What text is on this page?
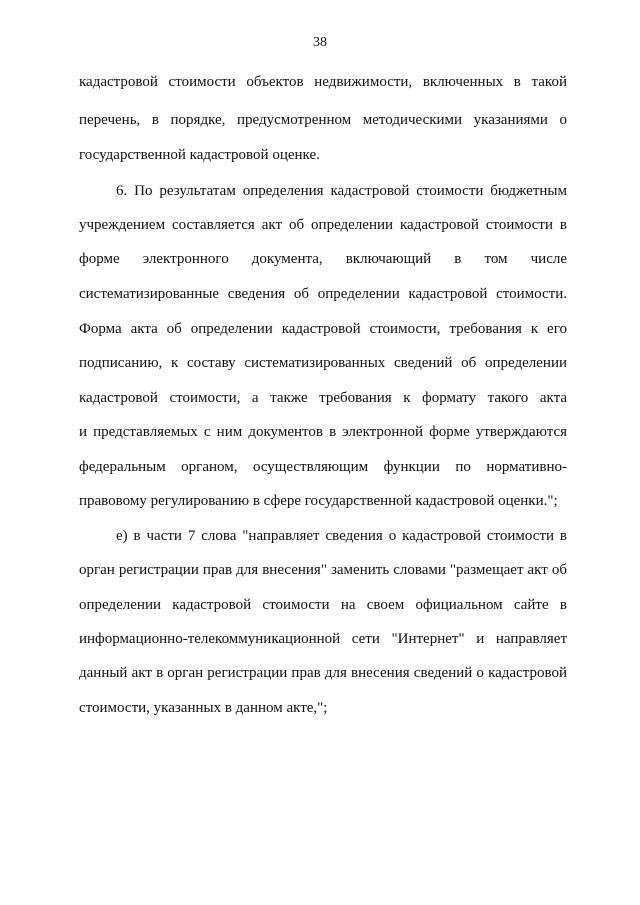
38
кадастровой стоимости объектов недвижимости, включенных в такой
перечень, в порядке, предусмотренном методическими указаниями о
государственной кадастровой оценке.
6. По результатам определения кадастровой стоимости бюджетным
учреждением составляется акт об определении кадастровой стоимости в
форме электронного документа, включающий в том числе
систематизированные сведения об определении кадастровой стоимости.
Форма акта об определении кадастровой стоимости, требования к его
подписанию, к составу систематизированных сведений об определении
кадастровой стоимости, а также требования к формату такого акта
и представляемых с ним документов в электронной форме утверждаются
федеральным органом, осуществляющим функции по нормативно-
правовому регулированию в сфере государственной кадастровой оценки.";
е) в части 7 слова "направляет сведения о кадастровой стоимости в
орган регистрации прав для внесения" заменить словами "размещает акт об
определении кадастровой стоимости на своем официальном сайте в
информационно-телекоммуникационной сети "Интернет" и направляет
данный акт в орган регистрации прав для внесения сведений о кадастровой
стоимости, указанных в данном акте,";
